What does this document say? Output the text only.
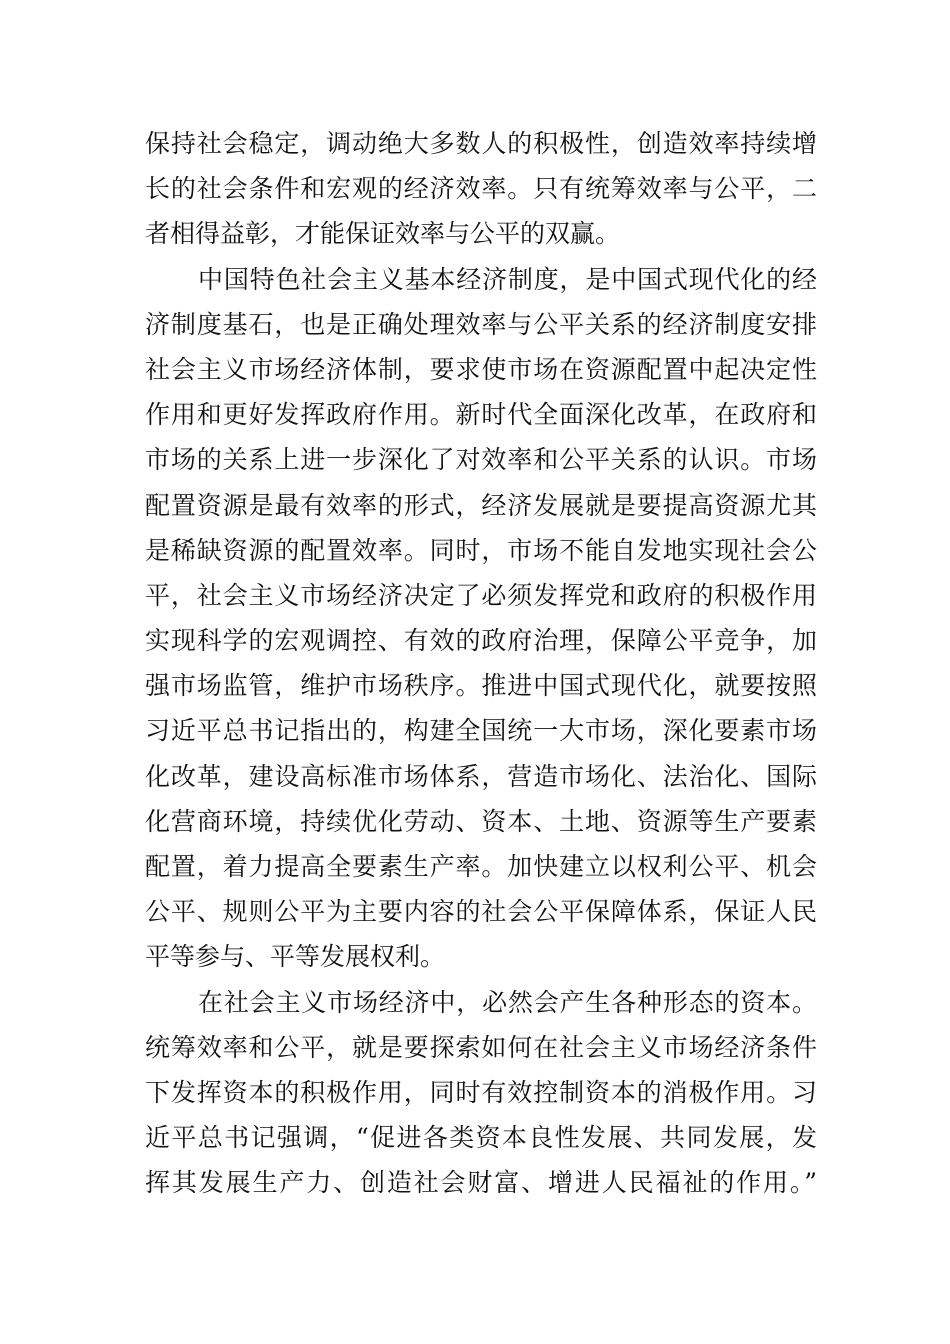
保持社会稳定，调动绝大多数人的积极性，创造效率持续增
长的社会条件和宏观的经济效率。只有统筹效率与公平，二
者相得益彰，才能保证效率与公平的双赢。
中国特色社会主义基本经济制度，是中国式现代化的经
济制度基石，也是正确处理效率与公平关系的经济制度安排
社会主义市场经济体制，要求使市场在资源配置中起决定性
作用和更好发挥政府作用。新时代全面深化改革，在政府和
市场的关系上进一步深化了对效率和公平关系的认识。市场
配置资源是最有效率的形式，经济发展就是要提高资源尤其
是稀缺资源的配置效率。同时，市场不能自发地实现社会公
平，社会主义市场经济决定了必须发挥党和政府的积极作用
实现科学的宏观调控、有效的政府治理，保障公平竞争，加
强市场监管，维护市场秩序。推进中国式现代化，就要按照
习近平总书记指出的，构建全国统一大市场，深化要素市场
化改革，建设高标准市场体系，营造市场化、法治化、国际
化营商环境，持续优化劳动、资本、土地、资源等生产要素
配置，着力提高全要素生产率。加快建立以权利公平、机会
公平、规则公平为主要内容的社会公平保障体系，保证人民
平等参与、平等发展权利。
在社会主义市场经济中，必然会产生各种形态的资本。
统筹效率和公平，就是要探索如何在社会主义市场经济条件
下发挥资本的积极作用，同时有效控制资本的消极作用。习
近平总书记强调，“促进各类资本良性发展、共同发展，发
挥其发展生产力、创造社会财富、增进人民福祉的作用。”
